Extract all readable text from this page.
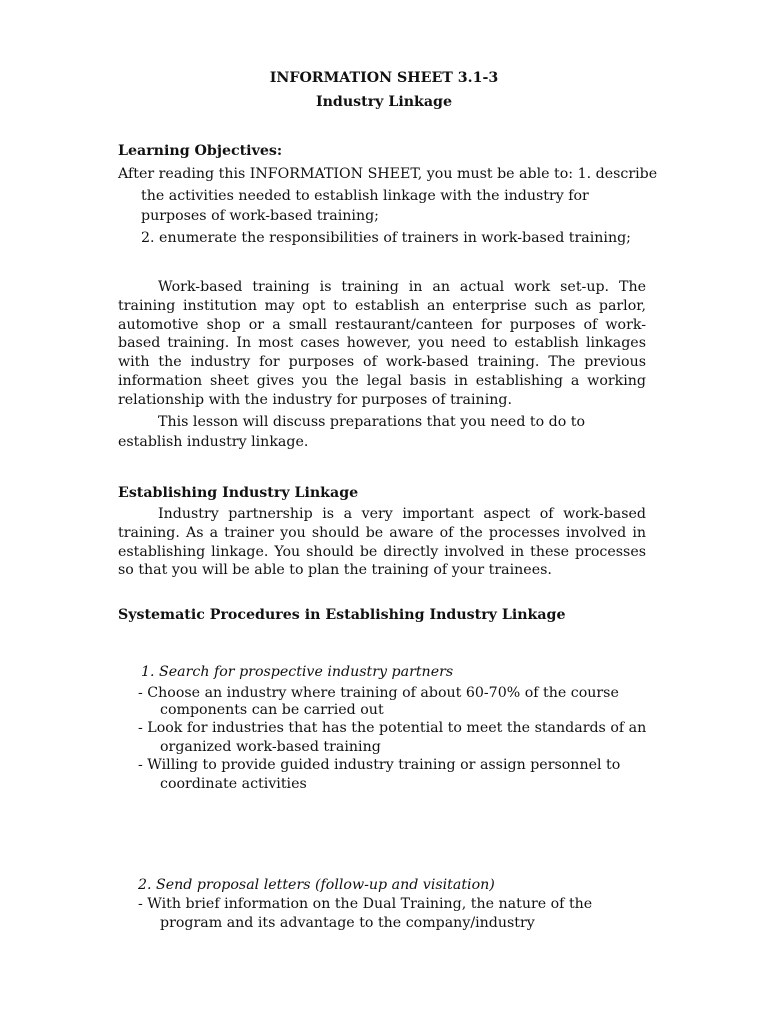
INFORMATION SHEET 3.1-3
Industry Linkage
Learning Objectives:
After reading this INFORMATION SHEET, you must be able to: 1. describe
the activities needed to establish linkage with the industry for
purposes of work-based training;
2. enumerate the responsibilities of trainers in work-based training;

Work-based training is training in an actual work set-up. The training institution may opt to establish an enterprise such as parlor, automotive shop or a small restaurant/canteen for purposes of work-based training. In most cases however, you need to establish linkages with the industry for purposes of work-based training. The previous information sheet gives you the legal basis in establishing a working relationship with the industry for purposes of training.

This lesson will discuss preparations that you need to do to
establish industry linkage.
Establishing Industry Linkage

Industry partnership is a very important aspect of work-based training. As a trainer you should be aware of the processes involved in establishing linkage. You should be directly involved in these processes so that you will be able to plan the training of your trainees.

Systematic Procedures in Establishing Industry Linkage
1. Search for prospective industry partners
- Choose an industry where training of about 60-70% of the course
components can be carried out
- Look for industries that has the potential to meet the standards of an
organized work-based training
- Willing to provide guided industry training or assign personnel to
coordinate activities
2. Send proposal letters (follow-up and visitation)
- With brief information on the Dual Training, the nature of the
program and its advantage to the company/industry
